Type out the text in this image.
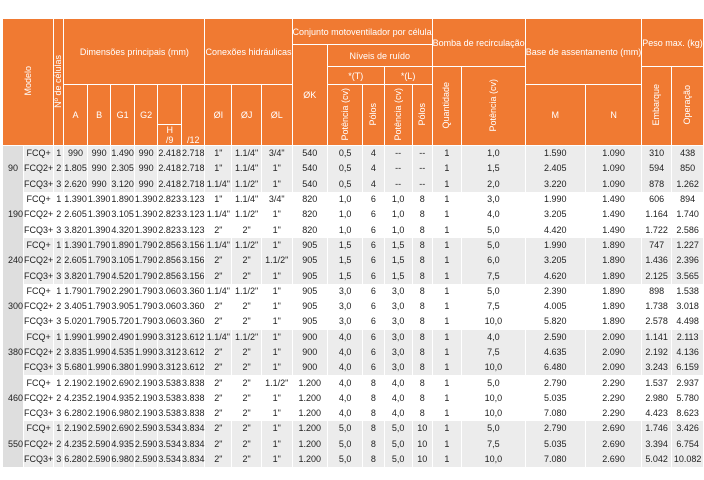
Modelo		Nº de células	Dimensões principais (mm)						Conexões hidráulicas			Conjunto motoventilador por célula					Bomba de recirculação		Base de assentamento (mm)		Peso max. (kg)	
												ØK	Níveis de ruído									
													*(T)		*(L)		Quantidade	Potência (cv)			Embarque	Operação
			A	B	G1	G2	H
/9	/12	ØI	ØJ	ØL		Potência (cv)	Pólos	Potência (cv)	Pólos			M	N		
90	FCQ+	1	990	990	1.490	990	2.418	2.718	1"	1.1/4"	3/4"	540	0,5	4	--	--	1	1,0	1.590	1.090	310	438
	FCQ2+	2	1.805	990	2.305	990	2.418	2.718	1"	1.1/4"	1"	540	0,5	4	--	--	1	1,5	2.405	1.090	594	850
	FCQ3+	3	2.620	990	3.120	990	2.418	2.718	1.1/4"	1.1/2"	1"	540	0,5	4	--	--	1	2,0	3.220	1.090	878	1.262
190	FCQ+	1	1.390	1.390	1.890	1.390	2.823	3.123	1"	1.1/4"	3/4"	820	1,0	6	1,0	8	1	3,0	1.990	1.490	606	894
	FCQ2+	2	2.605	1.390	3.105	1.390	2.823	3.123	1.1/4"	1.1/2"	1"	820	1,0	6	1,0	8	1	4,0	3.205	1.490	1.164	1.740
	FCQ3+	3	3.820	1.390	4.320	1.390	2.823	3.123	2"	2"	1"	820	1,0	6	1,0	8	1	5,0	4.420	1.490	1.722	2.586
240	FCQ+	1	1.390	1.790	1.890	1.790	2.856	3.156	1.1/4"	1.1/2"	1"	905	1,5	6	1,5	8	1	5,0	1.990	1.890	747	1.227
	FCQ2+	2	2.605	1.790	3.105	1.790	2.856	3.156	2"	2"	1.1/2"	905	1,5	6	1,5	8	1	6,0	3.205	1.890	1.436	2.396
	FCQ3+	3	3.820	1.790	4.520	1.790	2.856	3.156	2"	2"	1"	905	1,5	6	1,5	8	1	7,5	4.620	1.890	2.125	3.565
300	FCQ+	1	1.790	1.790	2.290	1.790	3.060	3.360	1.1/4"	1.1/2"	1"	905	3,0	6	3,0	8	1	5,0	2.390	1.890	898	1.538
	FCQ2+	2	3.405	1.790	3.905	1.790	3.060	3.360	2"	2"	1"	905	3,0	6	3,0	8	1	7,5	4.005	1.890	1.738	3.018
	FCQ3+	3	5.020	1.790	5.720	1.790	3.060	3.360	2"	2"	1"	905	3,0	6	3,0	8	1	10,0	5.820	1.890	2.578	4.498
380	FCQ+	1	1.990	1.990	2.490	1.990	3.312	3.612	1.1/4"	1.1/2"	1"	900	4,0	6	3,0	8	1	4,0	2.590	2.090	1.141	2.113
	FCQ2+	2	3.835	1.990	4.535	1.990	3.312	3.612	2"	2"	1"	900	4,0	6	3,0	8	1	7,5	4.635	2.090	2.192	4.136
	FCQ3+	3	5.680	1.990	6.380	1.990	3.312	3.612	2"	2"	1"	900	4,0	6	3,0	8	1	10,0	6.480	2.090	3.243	6.159
460	FCQ+	1	2.190	2.190	2.690	2.190	3.538	3.838	2"	2"	1.1/2"	1.200	4,0	8	4,0	8	1	5,0	2.790	2.290	1.537	2.937
	FCQ2+	2	4.235	2.190	4.935	2.190	3.538	3.838	2"	2"	1"	1.200	4,0	8	4,0	8	1	10,0	5.035	2.290	2.980	5.780
	FCQ3+	3	6.280	2.190	6.980	2.190	3.538	3.838	2"	2"	1"	1.200	4,0	8	4,0	8	1	10,0	7.080	2.290	4.423	8.623
550	FCQ+	1	2.190	2.590	2.690	2.590	3.534	3.834	2"	2"	1"	1.200	5,0	8	5,0	10	1	5,0	2.790	2.690	1.746	3.426
	FCQ2+	2	4.235	2.590	4.935	2.590	3.534	3.834	2"	2"	1"	1.200	5,0	8	5,0	10	1	7,5	5.035	2.690	3.394	6.754
	FCQ3+	3	6.280	2.590	6.980	2.590	3.534	3.834	2"	2"	1"	1.200	5,0	8	5,0	10	1	10,0	7.080	2.690	5.042	10.082
